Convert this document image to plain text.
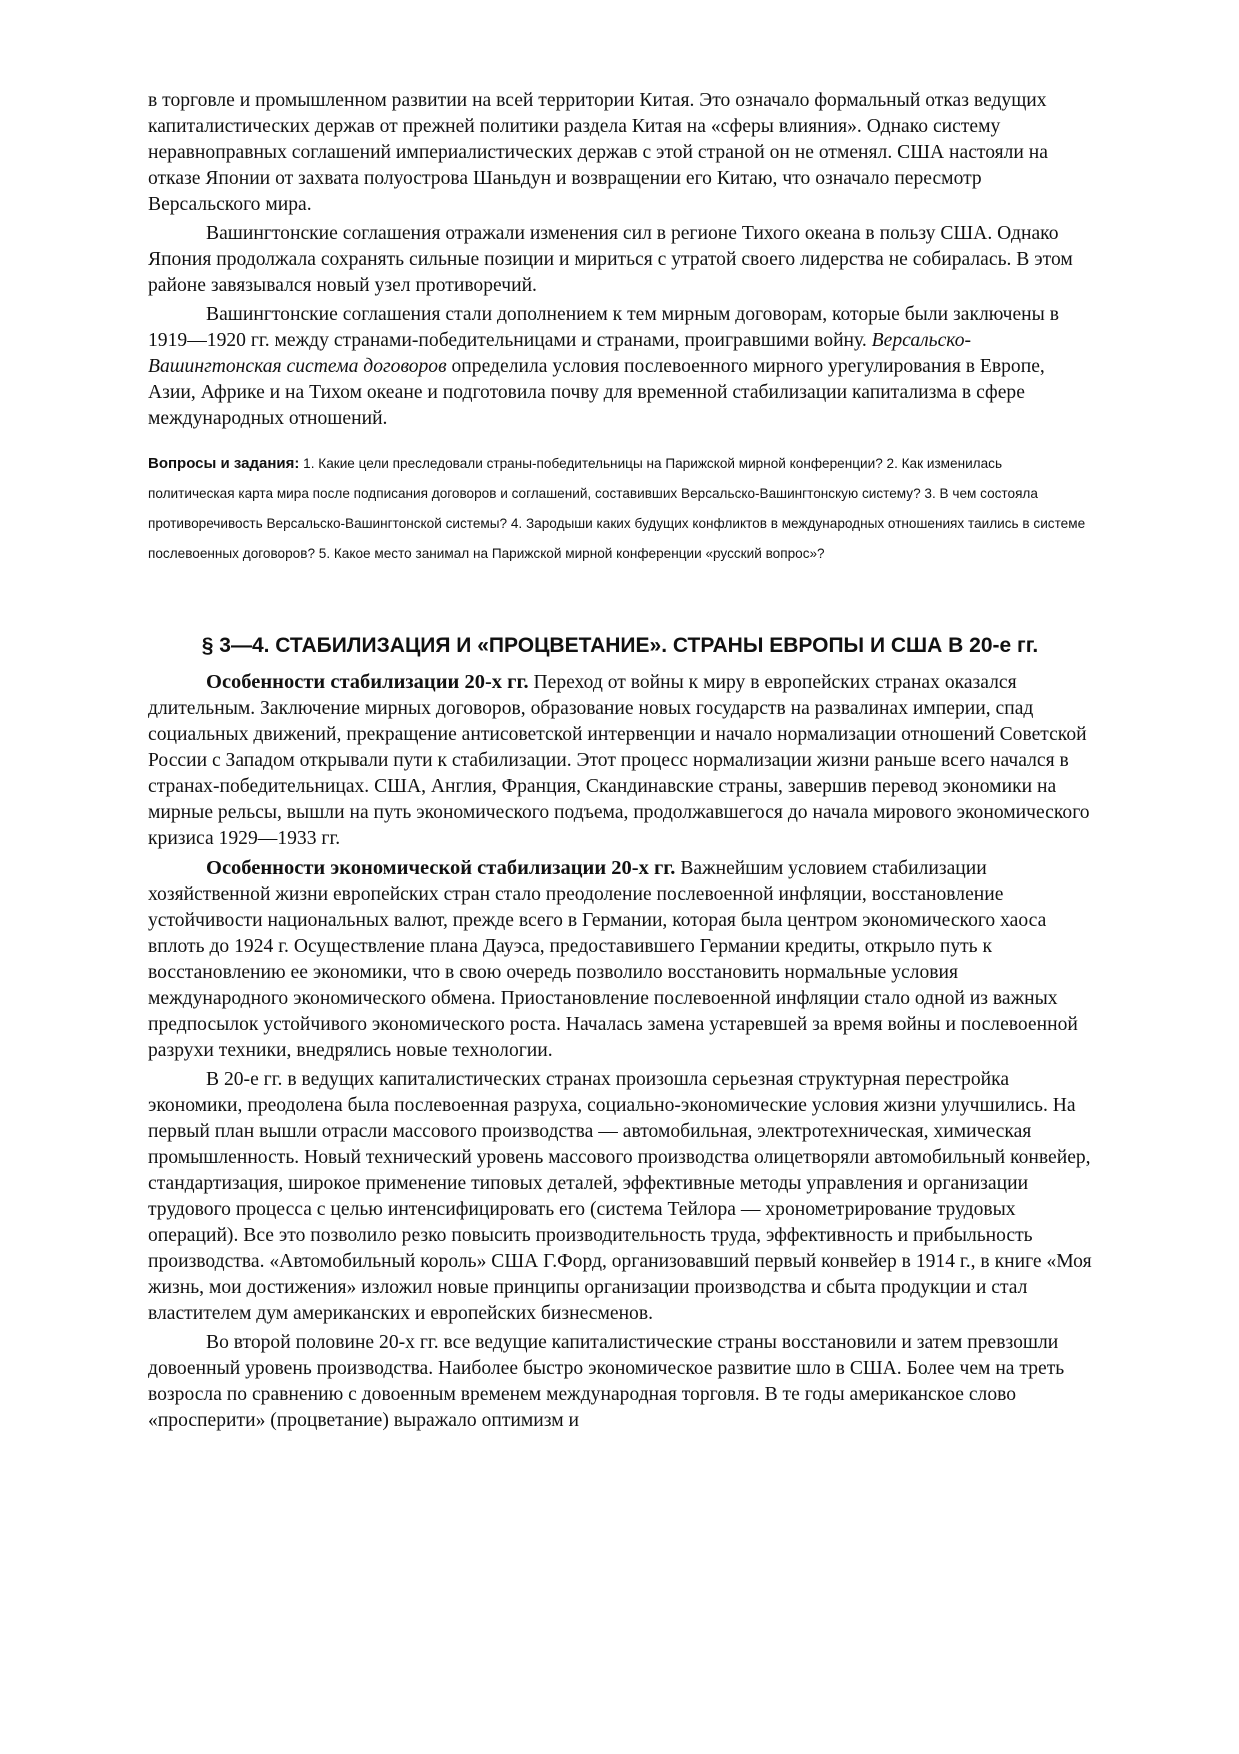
в торговле и промышленном развитии на всей территории Китая. Это означало формальный отказ ведущих капиталистических держав от прежней политики раздела Китая на «сферы влияния». Однако систему неравноправных соглашений империалистических держав с этой страной он не отменял. США настояли на отказе Японии от захвата полуострова Шаньдун и возвращении его Китаю, что означало пересмотр Версальского мира.

Вашингтонские соглашения отражали изменения сил в регионе Тихого океана в пользу США. Однако Япония продолжала сохранять сильные позиции и мириться с утратой своего лидерства не собиралась. В этом районе завязывался новый узел противоречий.

Вашингтонские соглашения стали дополнением к тем мирным договорам, которые были заключены в 1919—1920 гг. между странами-победительницами и странами, проигравшими войну. Версальско-Вашингтонская система договоров определила условия послевоенного мирного урегулирования в Европе, Азии, Африке и на Тихом океане и подготовила почву для временной стабилизации капитализма в сфере международных отношений.

Вопросы и задания: 1. Какие цели преследовали страны-победительницы на Парижской мирной конференции? 2. Как изменилась политическая карта мира после подписания договоров и соглашений, составивших Версальско-Вашингтонскую систему? 3. В чем состояла противоречивость Версальско-Вашингтонской системы? 4. Зародыши каких будущих конфликтов в международных отношениях таились в системе послевоенных договоров? 5. Какое место занимал на Парижской мирной конференции «русский вопрос»?

§ 3—4. СТАБИЛИЗАЦИЯ И «ПРОЦВЕТАНИЕ». СТРАНЫ ЕВРОПЫ И США В 20-е гг.

Особенности стабилизации 20-х гг. Переход от войны к миру в европейских странах оказался длительным. Заключение мирных договоров, образование новых государств на развалинах империи, спад социальных движений, прекращение антисоветской интервенции и начало нормализации отношений Советской России с Западом открывали пути к стабилизации. Этот процесс нормализации жизни раньше всего начался в странах-победительницах. США, Англия, Франция, Скандинавские страны, завершив перевод экономики на мирные рельсы, вышли на путь экономического подъема, продолжавшегося до начала мирового экономического кризиса 1929—1933 гг.

Особенности экономической стабилизации 20-х гг. Важнейшим условием стабилизации хозяйственной жизни европейских стран стало преодоление послевоенной инфляции, восстановление устойчивости национальных валют, прежде всего в Германии, которая была центром экономического хаоса вплоть до 1924 г. Осуществление плана Дауэса, предоставившего Германии кредиты, открыло путь к восстановлению ее экономики, что в свою очередь позволило восстановить нормальные условия международного экономического обмена. Приостановление послевоенной инфляции стало одной из важных предпосылок устойчивого экономического роста. Началась замена устаревшей за время войны и послевоенной разрухи техники, внедрялись новые технологии.

В 20-е гг. в ведущих капиталистических странах произошла серьезная структурная перестройка экономики, преодолена была послевоенная разруха, социально-экономические условия жизни улучшились. На первый план вышли отрасли массового производства — автомобильная, электротехническая, химическая промышленность. Новый технический уровень массового производства олицетворяли автомобильный конвейер, стандартизация, широкое применение типовых деталей, эффективные методы управления и организации трудового процесса с целью интенсифицировать его (система Тейлора — хронометрирование трудовых операций). Все это позволило резко повысить производительность труда, эффективность и прибыльность производства. «Автомобильный король» США Г.Форд, организовавший первый конвейер в 1914 г., в книге «Моя жизнь, мои достижения» изложил новые принципы организации производства и сбыта продукции и стал властителем дум американских и европейских бизнесменов.

Во второй половине 20-х гг. все ведущие капиталистические страны восстановили и затем превзошли довоенный уровень производства. Наиболее быстро экономическое развитие шло в США. Более чем на треть возросла по сравнению с довоенным временем международная торговля. В те годы американское слово «просперити» (процветание) выражало оптимизм и
